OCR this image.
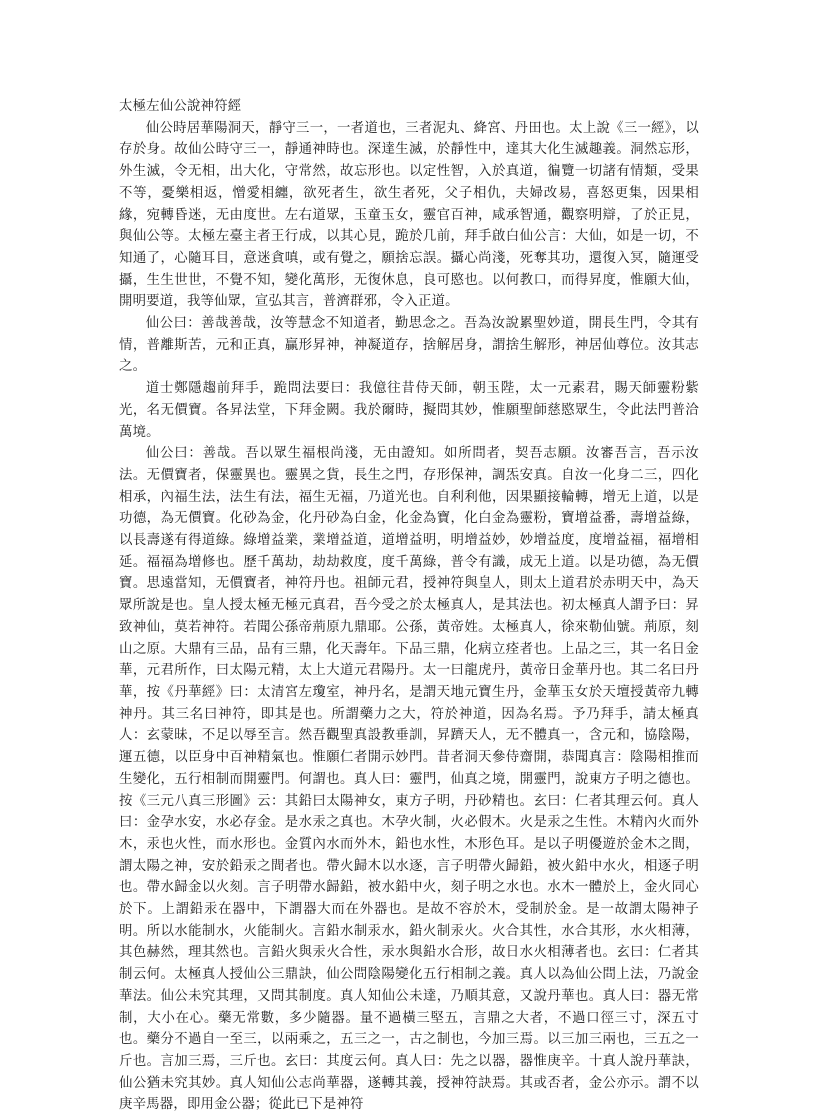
太極左仙公說神符經

仙公時居華陽洞天，靜守三一，一者道也，三者泥丸、絳宮、丹田也。太上說《三一經》，以存於身。故仙公時守三一，靜通神時也。深達生滅，於靜性中，達其大化生滅趣義。洞然忘形，外生滅，令无相，出大化，守常然，故忘形也。以定性智，入於真道，徧覽一切諸有情類，受果不等，憂樂相返，憎愛相纏，欲死者生，欲生者死，父子相仇，夫婦改易，喜怒更集，因果相緣，宛轉昏迷，无由度世。左右道眾，玉童玉女，靈官百神，咸承智通，觀察明辯，了於正見，與仙公等。太極左臺主者王行成，以其心見，跪於几前，拜手啟白仙公言：大仙，如是一切，不知通了，心隨耳目，意迷貪嗔，或有覺之，願捨忘誤。攝心尚淺，死奪其功，還復入冥，隨運受攝，生生世世，不覺不知，變化萬形，无復休息，良可愍也。以何教口，而得昇度，惟願大仙，開明要道，我等仙眾，宣弘其言，普濟群邪，令入正道。

仙公曰：善哉善哉，汝等慧念不知道者，勤思念之。吾為汝說累聖妙道，開長生門，令其有情，普離斯苦，元和正真，贏形昇神，神凝道存，捨解居身，謂捨生解形，神居仙尊位。汝其志之。

道士鄭隱趨前拜手，跪問法要曰：我億往昔侍天師，朝玉陛，太一元素君，賜天師靈粉紫光，名无價寶。各昇法堂，下拜金闕。我於爾時，擬問其妙，惟願聖師慈愍眾生，令此法門普洽萬境。

仙公曰：善哉。吾以眾生福根尚淺，无由證知。如所問者，契吾志願。汝審吾言，吾示汝法。无價寶者，保靈異也。靈異之貨，長生之門，存形保神，調炁安真。自汝一化身二三，四化相承，內福生法，法生有法，福生无福，乃道光也。自利利他，因果顯接輪轉，增无上道，以是功德，為无價寶。化砂為金，化丹砂為白金，化金為寶，化白金為靈粉，寶增益番，壽增益綠，以長壽遂有得道綠。綠增益業，業增益道，道增益明，明增益妙，妙增益度，度增益福，福增相延。福福為增修也。歷千萬劫，劫劫救度，度千萬綠，普令有識，成无上道。以是功德，為无價寶。思遠當知，无價寶者，神符丹也。祖師元君，授神符與皇人，則太上道君於赤明天中，為天眾所說是也。皇人授太極无極元真君，吾今受之於太極真人，是其法也。初太極真人謂予曰：昇致神仙，莫若神符。若聞公孫帝荊原九鼎耶。公孫，黃帝姓。太極真人，徐來勒仙號。荊原，刻山之原。大鼎有三品，品有三鼎，化天壽年。下品三鼎，化病立痊者也。上品之三，其一名日金華，元君所作，曰太陽元精，太上大道元君陽丹。太一曰龍虎丹，黃帝日金華丹也。其二名曰丹華，按《丹華經》曰：太清宮左瓊室，神丹名，是謂天地元寶生丹，金華玉女於天壇授黃帝九轉神丹。其三名曰神符，即其是也。所謂藥力之大，符於神道，因為名焉。予乃拜手，請太極真人：玄蒙昧，不足以辱至言。然吾觀聖真設教垂訓，昇躋天人，无不體真一，含元和，協陰陽，運五德，以臣身中百神精氣也。惟願仁者開示妙門。昔者洞天參侍齋開，恭聞真言：陰陽相推而生變化，五行相制而開靈門。何謂也。真人曰：靈門，仙真之境，開靈門，說東方子明之德也。按《三元八真三形圖》云：其鉛曰太陽神女，東方子明，丹砂精也。玄曰：仁者其理云何。真人曰：金孕水安，水必存金。是水汞之真也。木孕火制，火必假木。火是汞之生性。木精內火而外木，汞也火性，而水形也。金質內水而外木，鉛也水性，木形色耳。是以子明優遊於金木之間，謂太陽之神，安於鉛汞之間者也。帶火歸木以水逐，言子明帶火歸鉛，被火鉛中水火，相逐子明也。帶水歸金以火刻。言子明帶水歸鉛，被水鉛中火，刻子明之水也。水木一體於上，金火同心於下。上謂鉛汞在器中，下謂器大而在外器也。是故不容於木，受制於金。是一故謂太陽神子明。所以水能制水，火能制火。言鉛水制汞水，鉛火制汞火。火合其性，水合其形，水火相薄，其色赫然，理其然也。言鉛火與汞火合性，汞水與鉛水合形，故日水火相薄者也。玄曰：仁者其制云何。太極真人授仙公三鼎訣，仙公問陰陽變化五行相制之義。真人以為仙公問上法，乃說金華法。仙公未究其理，又問其制度。真人知仙公未達，乃順其意，又說丹華也。真人曰：器无常制，大小在心。藥无常數，多少隨器。量不過橫三堅五，言鼎之大者，不過口徑三寸，深五寸也。藥分不過自一至三，以兩乘之，五三之一，古之制也，今加三焉。以三加三兩也，三五之一斤也。言加三焉，三斤也。玄曰：其度云何。真人曰：先之以器，器惟庚辛。十真人說丹華訣，仙公猶未究其妙。真人知仙公志尚華器，遂轉其義，授神符訣焉。其或否者，金公亦示。謂不以庚辛馬器，即用金公器；從此已下是神符
